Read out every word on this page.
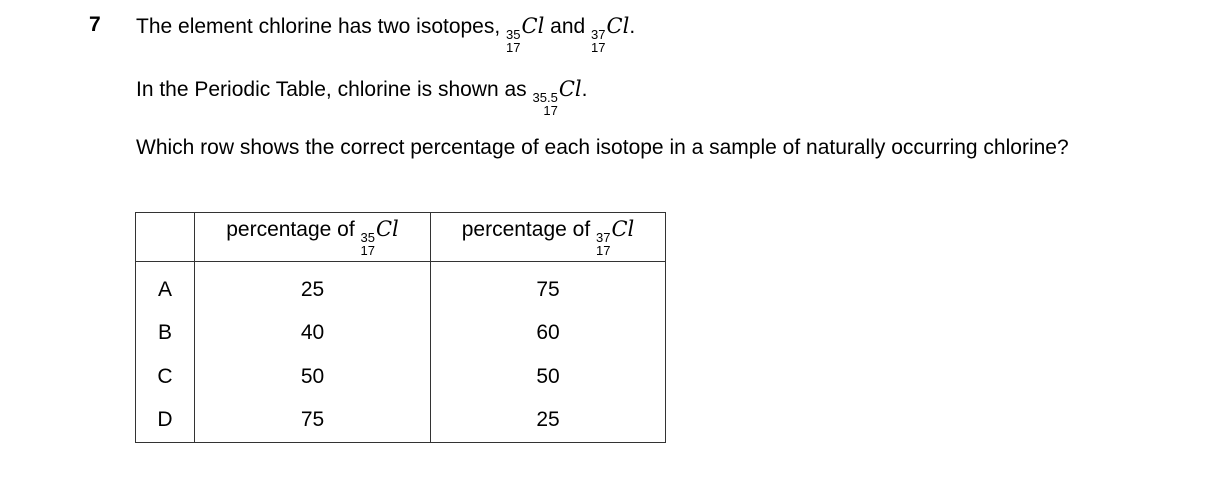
7 The element chlorine has two isotopes, 35
17
Cl and 37
17
Cl.
In the Periodic Table, chlorine is shown as 35.5
17
Cl.
Which row shows the correct percentage of each isotope in a sample of naturally occurring chlorine?
	percentage of 35
17
Cl	percentage of 37
17
Cl
A	25	75
B	40	60
C	50	50
D	75	25
